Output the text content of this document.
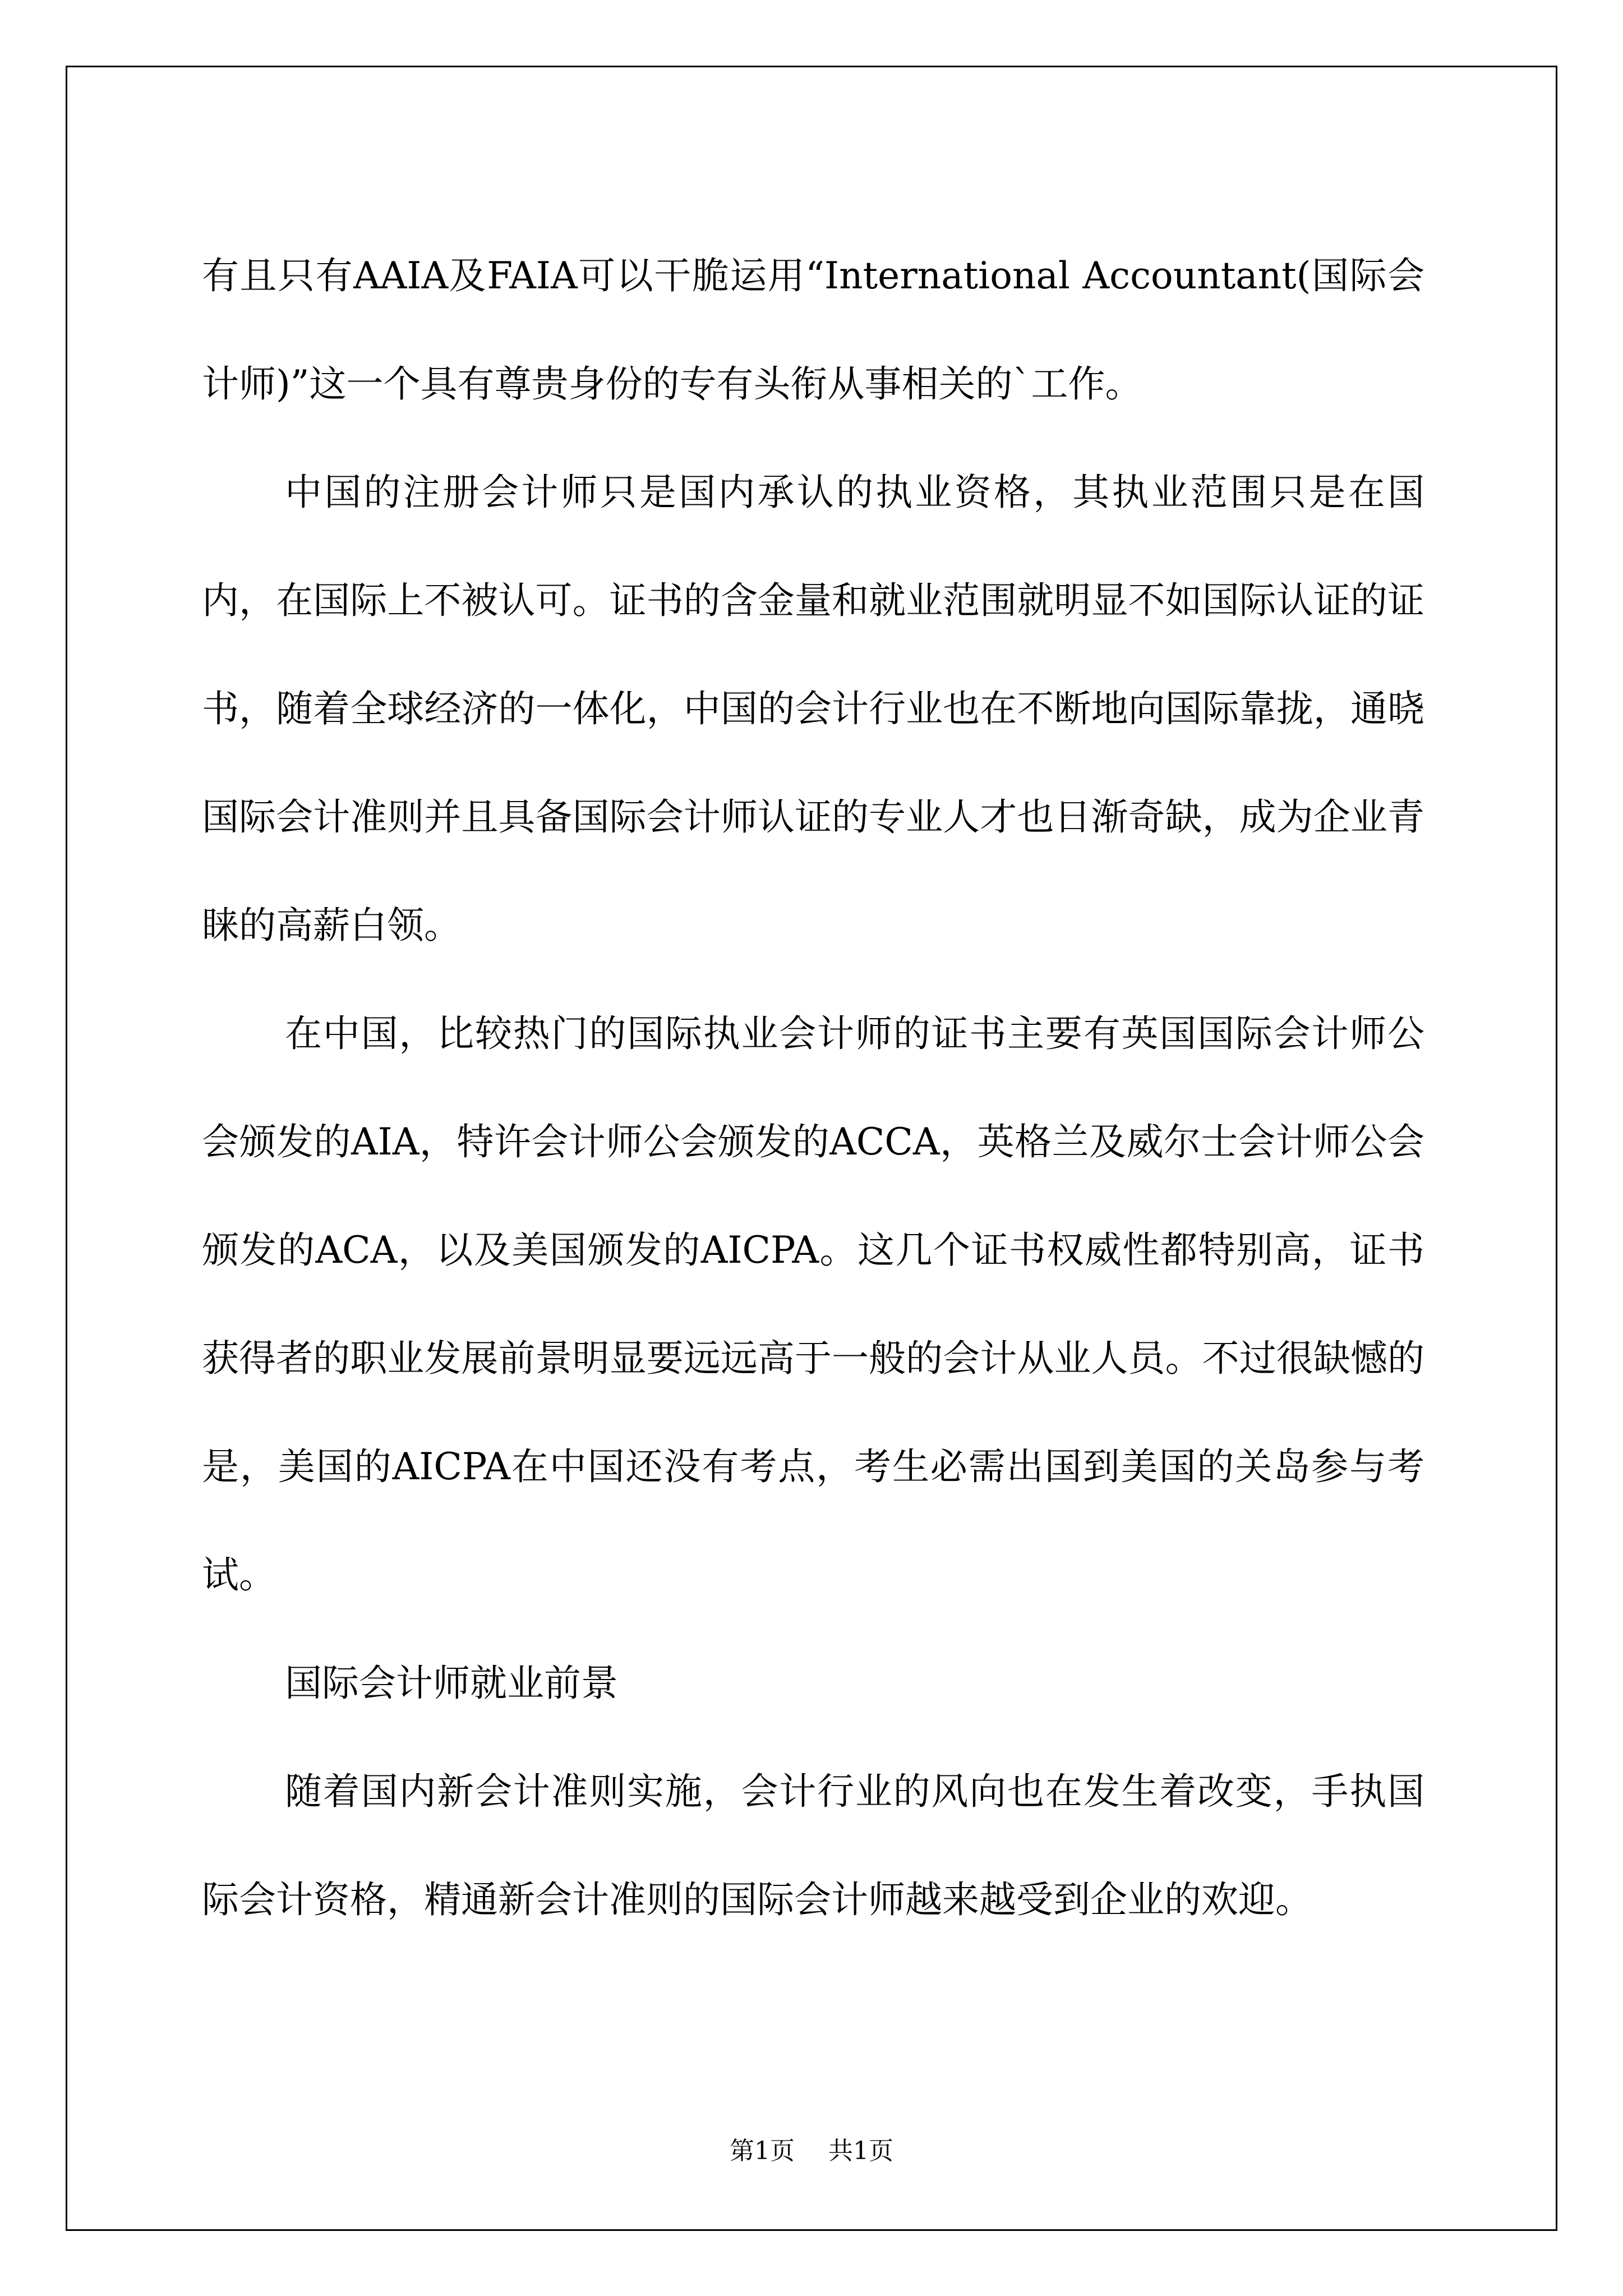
有且只有AAIA及FAIA可以干脆运用“International Accountant(国际会计师)”这一个具有尊贵身份的专有头衔从事相关的`工作。

中国的注册会计师只是国内承认的执业资格，其执业范围只是在国内，在国际上不被认可。证书的含金量和就业范围就明显不如国际认证的证书，随着全球经济的一体化，中国的会计行业也在不断地向国际靠拢，通晓国际会计准则并且具备国际会计师认证的专业人才也日渐奇缺，成为企业青睐的高薪白领。

在中国，比较热门的国际执业会计师的证书主要有英国国际会计师公会颁发的AIA，特许会计师公会颁发的ACCA，英格兰及威尔士会计师公会颁发的ACA，以及美国颁发的AICPA。这几个证书权威性都特别高，证书获得者的职业发展前景明显要远远高于一般的会计从业人员。不过很缺憾的是，美国的AICPA在中国还没有考点，考生必需出国到美国的关岛参与考试。

国际会计师就业前景

随着国内新会计准则实施，会计行业的风向也在发生着改变，手执国际会计资格，精通新会计准则的国际会计师越来越受到企业的欢迎。

第1页 共1页
